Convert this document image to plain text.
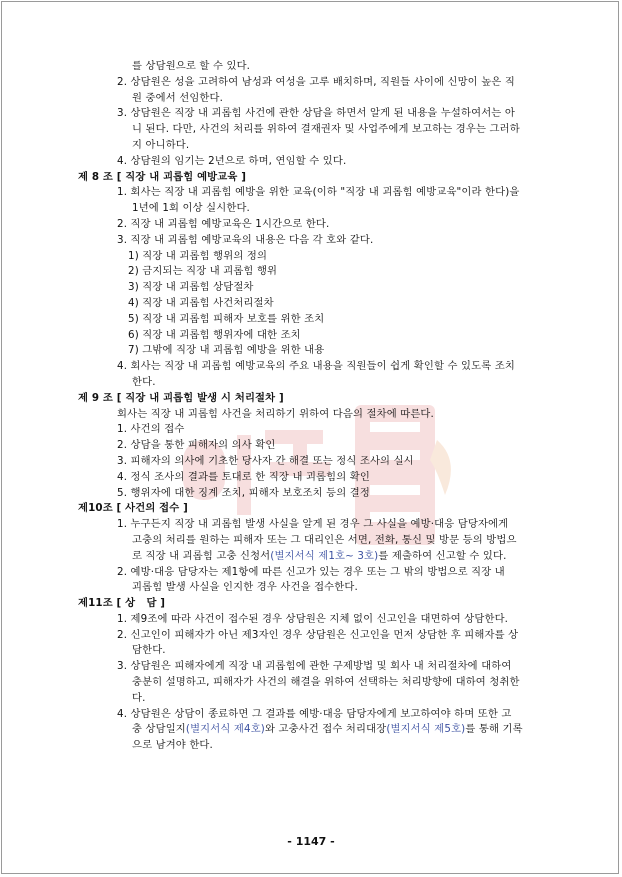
를 상담원으로 할 수 있다.
2. 상담원은 성을 고려하여 남성과 여성을 고루 배치하며, 직원들 사이에 신망이 높은 직
원 중에서 선임한다.
3. 상담원은 직장 내 괴롭힘 사건에 관한 상담을 하면서 알게 된 내용을 누설하여서는 아
니 된다. 다만, 사건의 처리를 위하여 결재권자 및 사업주에게 보고하는 경우는 그러하
지 아니하다.
4. 상담원의 임기는 2년으로 하며, 연임할 수 있다.
제 8 조 [ 직장 내 괴롭힘 예방교육 ]
1. 회사는 직장 내 괴롭힘 예방을 위한 교육(이하 "직장 내 괴롭힘 예방교육"이라 한다)을
1년에 1회 이상 실시한다.
2. 직장 내 괴롭힘 예방교육은 1시간으로 한다.
3. 직장 내 괴롭힘 예방교육의 내용은 다음 각 호와 같다.
1) 직장 내 괴롭힘 행위의 정의
2) 금지되는 직장 내 괴롭힘 행위
3) 직장 내 괴롭힘 상담절차
4) 직장 내 괴롭힘 사건처리절차
5) 직장 내 괴롭힘 피해자 보호를 위한 조치
6) 직장 내 괴롭힘 행위자에 대한 조치
7) 그밖에 직장 내 괴롭힘 예방을 위한 내용
4. 회사는 직장 내 괴롭힘 예방교육의 주요 내용을 직원들이 쉽게 확인할 수 있도록 조치
한다.
제 9 조 [ 직장 내 괴롭힘 발생 시 처리절차 ]
회사는 직장 내 괴롭힘 사건을 처리하기 위하여 다음의 절차에 따른다.
1. 사건의 접수
2. 상담을 통한 피해자의 의사 확인
3. 피해자의 의사에 기초한 당사자 간 해결 또는 정식 조사의 실시
4. 정식 조사의 결과를 토대로 한 직장 내 괴롭힘의 확인
5. 행위자에 대한 징계 조치, 피해자 보호조치 등의 결정
제10조 [ 사건의 접수 ]
1. 누구든지 직장 내 괴롭힘 발생 사실을 알게 된 경우 그 사실을 예방·대응 담당자에게
고충의 처리를 원하는 피해자 또는 그 대리인은 서면, 전화, 통신 및 방문 등의 방법으
로 직장 내 괴롭힘 고충 신청서(별지서식 제1호~ 3호)를 제출하여 신고할 수 있다.
2. 예방·대응 담당자는 제1항에 따른 신고가 있는 경우 또는 그 밖의 방법으로 직장 내
괴롭힘 발생 사실을 인지한 경우 사건을 접수한다.
제11조 [ 상   담 ]
1. 제9조에 따라 사건이 접수된 경우 상담원은 지체 없이 신고인을 대면하여 상담한다.
2. 신고인이 피해자가 아닌 제3자인 경우 상담원은 신고인을 먼저 상담한 후 피해자를 상
담한다.
3. 상담원은 피해자에게 직장 내 괴롭힘에 관한 구제방법 및 회사 내 처리절차에 대하여
충분히 설명하고, 피해자가 사건의 해결을 위하여 선택하는 처리방향에 대하여 청취한
다.
4. 상담원은 상담이 종료하면 그 결과를 예방·대응 담당자에게 보고하여야 하며 또한 고
충 상담일지(별지서식 제4호)와 고충사건 접수 처리대장(별지서식 제5호)를 통해 기록
으로 남겨야 한다.
- 1147 -
